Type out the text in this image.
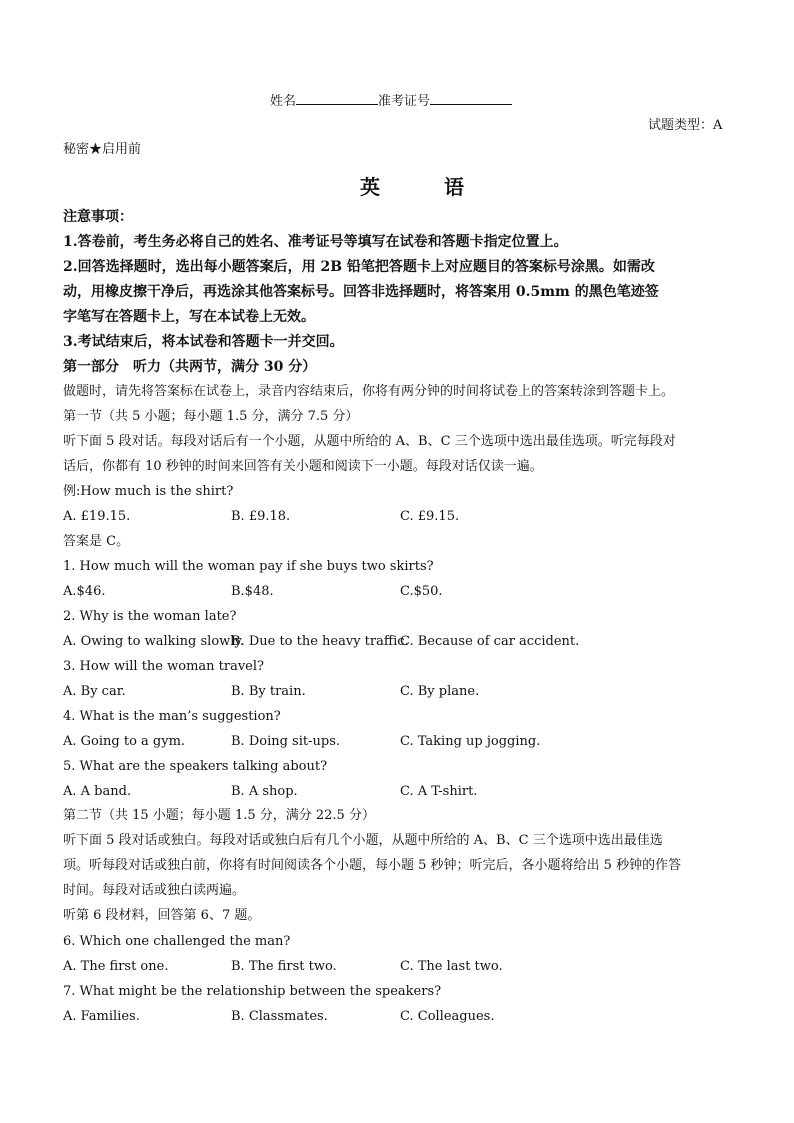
姓名	准考证号
试题类型：A
秘密★启用前
英　语
注意事项：
1.答卷前，考生务必将自己的姓名、准考证号等填写在试卷和答题卡指定位置上。
2.回答选择题时，选出每小题答案后，用 2B 铅笔把答题卡上对应题目的答案标号涂黑。如需改
动，用橡皮擦干净后，再选涂其他答案标号。回答非选择题时，将答案用 0.5mm 的黑色笔迹签
字笔写在答题卡上，写在本试卷上无效。
3.考试结束后，将本试卷和答题卡一并交回。
第一部分　听力（共两节，满分 30 分）
做题时，请先将答案标在试卷上，录音内容结束后，你将有两分钟的时间将试卷上的答案转涂到答题卡上。
第一节（共 5 小题；每小题 1.5 分，满分 7.5 分）
听下面 5 段对话。每段对话后有一个小题，从题中所给的 A、B、C 三个选项中选出最佳选项。听完每段对
话后，你都有 10 秒钟的时间来回答有关小题和阅读下一小题。每段对话仅读一遍。
例:How much is the shirt?
A. £19.15.	B. £9.18.	C. £9.15.
答案是 C。
1. How much will the woman pay if she buys two skirts?
A.$46.	B.$48.	C.$50.
2. Why is the woman late?
A. Owing to walking slowly.
B. Due to the heavy traffic.
C. Because of car accident.
3. How will the woman travel?
A. By car.	B. By train.	C. By plane.
4. What is the man’s suggestion?
A. Going to a gym.	B. Doing sit-ups.	C. Taking up jogging.
5. What are the speakers talking about?
A. A band.	B. A shop.	C. A T-shirt.
第二节（共 15 小题；每小题 1.5 分，满分 22.5 分）
听下面 5 段对话或独白。每段对话或独白后有几个小题，从题中所给的 A、B、C 三个选项中选出最佳选
项。听每段对话或独白前，你将有时间阅读各个小题，每小题 5 秒钟；听完后，各小题将给出 5 秒钟的作答
时间。每段对话或独白读两遍。
听第 6 段材料，回答第 6、7 题。
6. Which one challenged the man?
A. The first one.	B. The first two.	C. The last two.
7. What might be the relationship between the speakers?
A. Families.	B. Classmates.	C. Colleagues.
